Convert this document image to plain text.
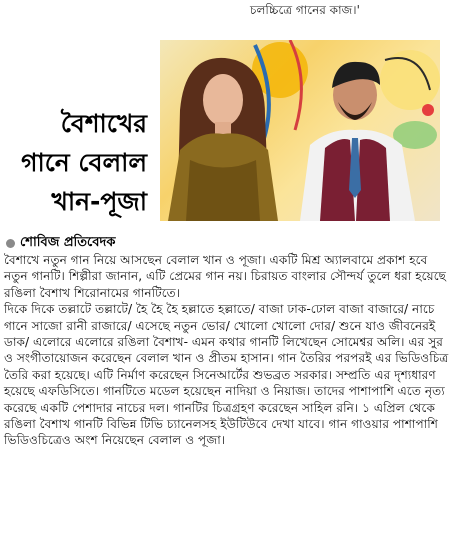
চলচ্চিত্রে গানের কাজ।'
বৈশাখের
গানে বেলাল
খান-পূজা
শোবিজ প্রতিবেদক

বৈশাখে নতুন গান নিয়ে আসছেন বেলাল খান ও পূজা। একটি মিশ্র অ্যালবামে প্রকাশ হবে নতুন গানটি। শিল্পীরা জানান, এটি প্রেমের গান নয়। চিরায়ত বাংলার সৌন্দর্য তুলে ধরা হয়েছে রঙিলা বৈশাখ শিরোনামের গানটিতে।

দিকে দিকে তল্লাটে তল্লাটে/ হৈ হৈ হৈ হল্লাতে হল্লাতে/ বাজা ঢাক-ঢোল বাজা বাজারে/ নাচে গানে সাজো রানী রাজারে/ এসেছে নতুন ভোর/ খোলো খোলো দোর/ শুনে যাও জীবনেরই ডাক/ এলোরে এলোরে রঙিলা বৈশাখ- এমন কথার গানটি লিখেছেন সোমেশ্বর অলি। এর সুর ও সংগীতায়োজন করেছেন বেলাল খান ও প্রীতম হাসান। গান তৈরির পরপরই এর ভিডিওচিত্র তৈরি করা হয়েছে। এটি নির্মাণ করেছেন সিনেআর্টের শুভব্রত সরকার। সম্প্রতি এর দৃশ্যধারণ হয়েছে এফডিসিতে। গানটিতে মডেল হয়েছেন নাদিয়া ও নিয়াজ। তাদের পাশাপাশি এতে নৃত্য করেছে একটি পেশাদার নাচের দল। গানটির চিত্রগ্রহণ করেছেন সাহিল রনি। ১ এপ্রিল থেকে রঙিলা বৈশাখ গানটি বিভিন্ন টিভি চ্যানেলসহ ইউটিউবে দেখা যাবে। গান গাওয়ার পাশাপাশি ভিডিওচিত্রেও অংশ নিয়েছেন বেলাল ও পূজা।
